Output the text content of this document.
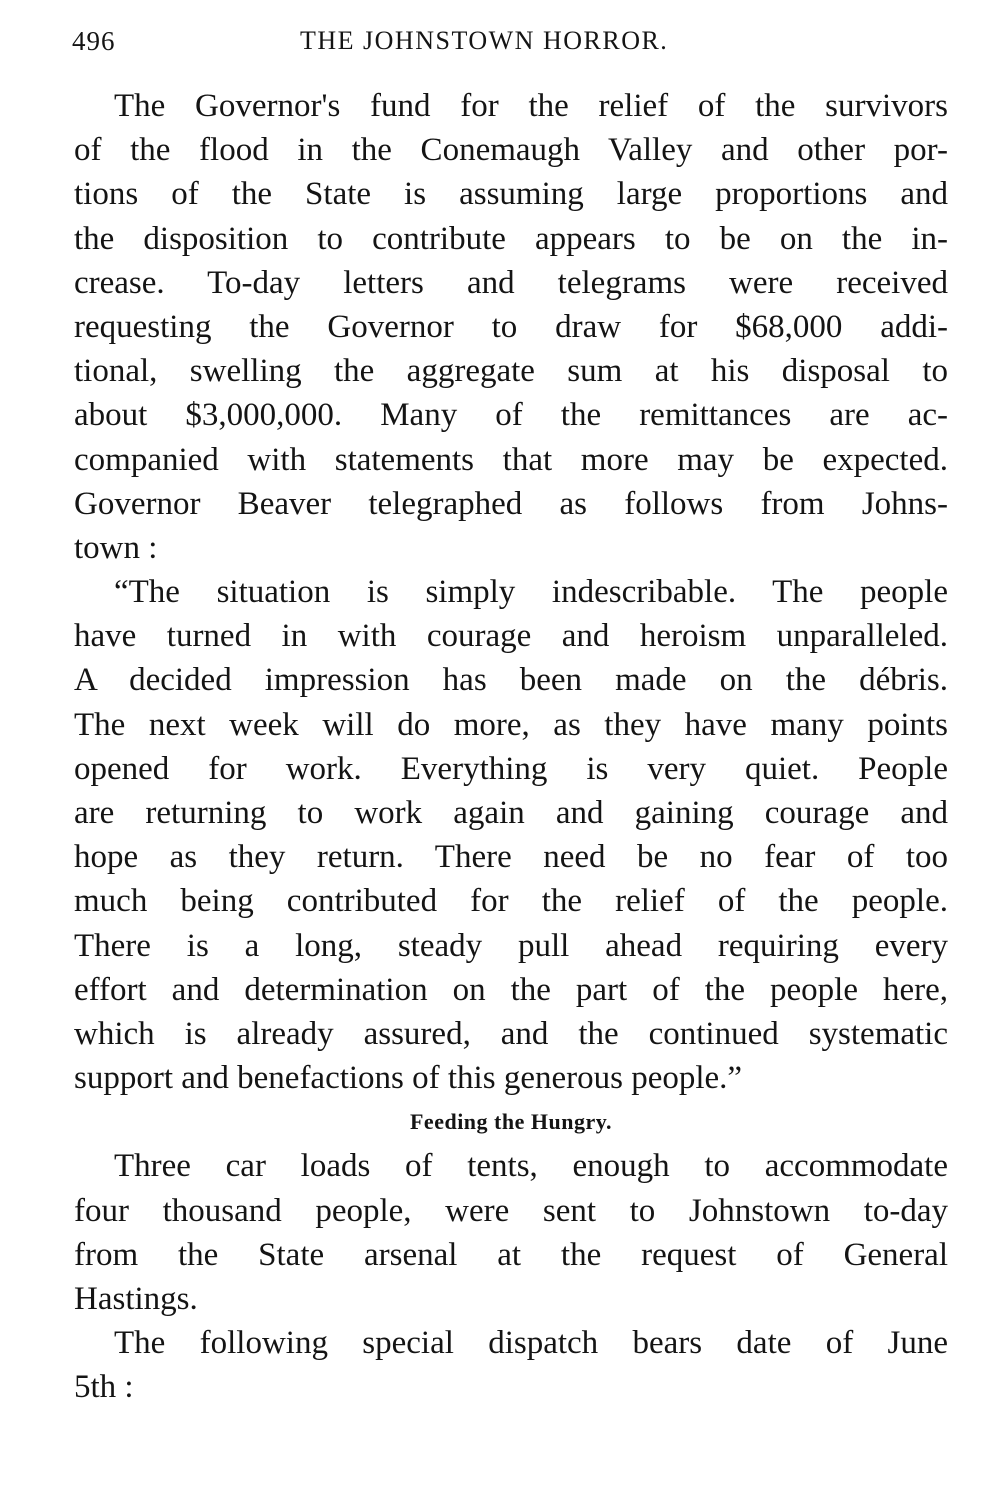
496	THE JOHNSTOWN HORROR.
The Governor's fund for the relief of the survivors
of the flood in the Conemaugh Valley and other por-
tions of the State is assuming large proportions and
the disposition to contribute appears to be on the in-
crease. To-day letters and telegrams were received
requesting the Governor to draw for $68,000 addi-
tional, swelling the aggregate sum at his disposal to
about $3,000,000. Many of the remittances are ac-
companied with statements that more may be expected.
Governor Beaver telegraphed as follows from Johns-
town :
“The situation is simply indescribable. The people
have turned in with courage and heroism unparalleled.
A decided impression has been made on the débris.
The next week will do more, as they have many points
opened for work. Everything is very quiet. People
are returning to work again and gaining courage and
hope as they return. There need be no fear of too
much being contributed for the relief of the people.
There is a long, steady pull ahead requiring every
effort and determination on the part of the people here,
which is already assured, and the continued systematic
support and benefactions of this generous people.”
Feeding the Hungry.
Three car loads of tents, enough to accommodate
four thousand people, were sent to Johnstown to-day
from the State arsenal at the request of General
Hastings.
The following special dispatch bears date of June
5th :
